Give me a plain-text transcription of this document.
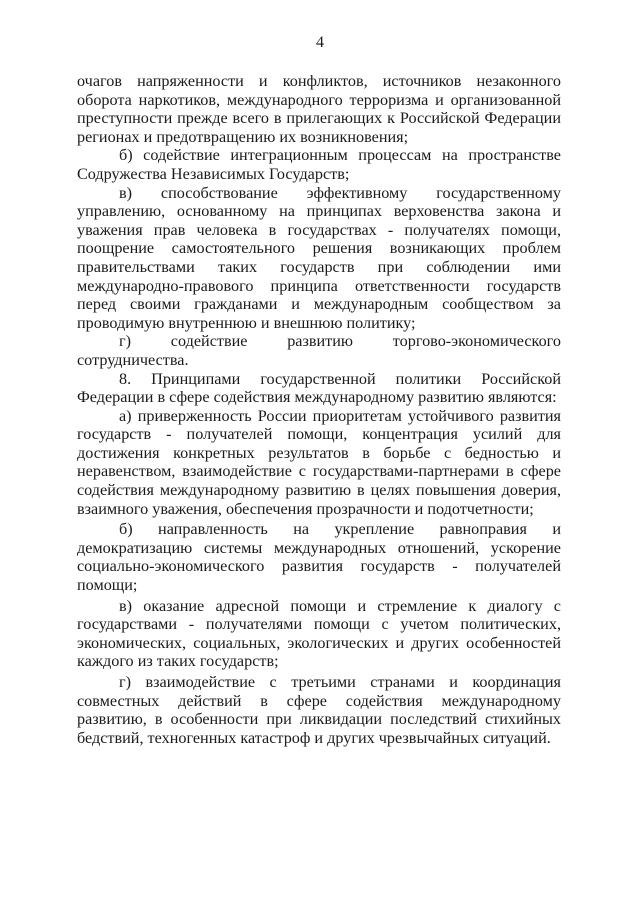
4

очагов напряженности и конфликтов, источников незаконного оборота наркотиков, международного терроризма и организованной преступности прежде всего в прилегающих к Российской Федерации регионах и предотвращению их возникновения;

б) содействие интеграционным процессам на пространстве Содружества Независимых Государств;

в) способствование эффективному государственному управлению, основанному на принципах верховенства закона и уважения прав человека в государствах - получателях помощи, поощрение самостоятельного решения возникающих проблем правительствами таких государств при соблюдении ими международно-правового принципа ответственности государств перед своими гражданами и международным сообществом за проводимую внутреннюю и внешнюю политику;

г) содействие развитию торгово-экономического сотрудничества.

8. Принципами государственной политики Российской Федерации в сфере содействия международному развитию являются:

а) приверженность России приоритетам устойчивого развития государств - получателей помощи, концентрация усилий для достижения конкретных результатов в борьбе с бедностью и неравенством, взаимодействие с государствами-партнерами в сфере содействия международному развитию в целях повышения доверия, взаимного уважения, обеспечения прозрачности и подотчетности;

б) направленность на укрепление равноправия и демократизацию системы международных отношений, ускорение социально-экономического развития государств - получателей помощи;

в) оказание адресной помощи и стремление к диалогу с государствами - получателями помощи с учетом политических, экономических, социальных, экологических и других особенностей каждого из таких государств;

г) взаимодействие с третьими странами и координация совместных действий в сфере содействия международному развитию, в особенности при ликвидации последствий стихийных бедствий, техногенных катастроф и других чрезвычайных ситуаций.
